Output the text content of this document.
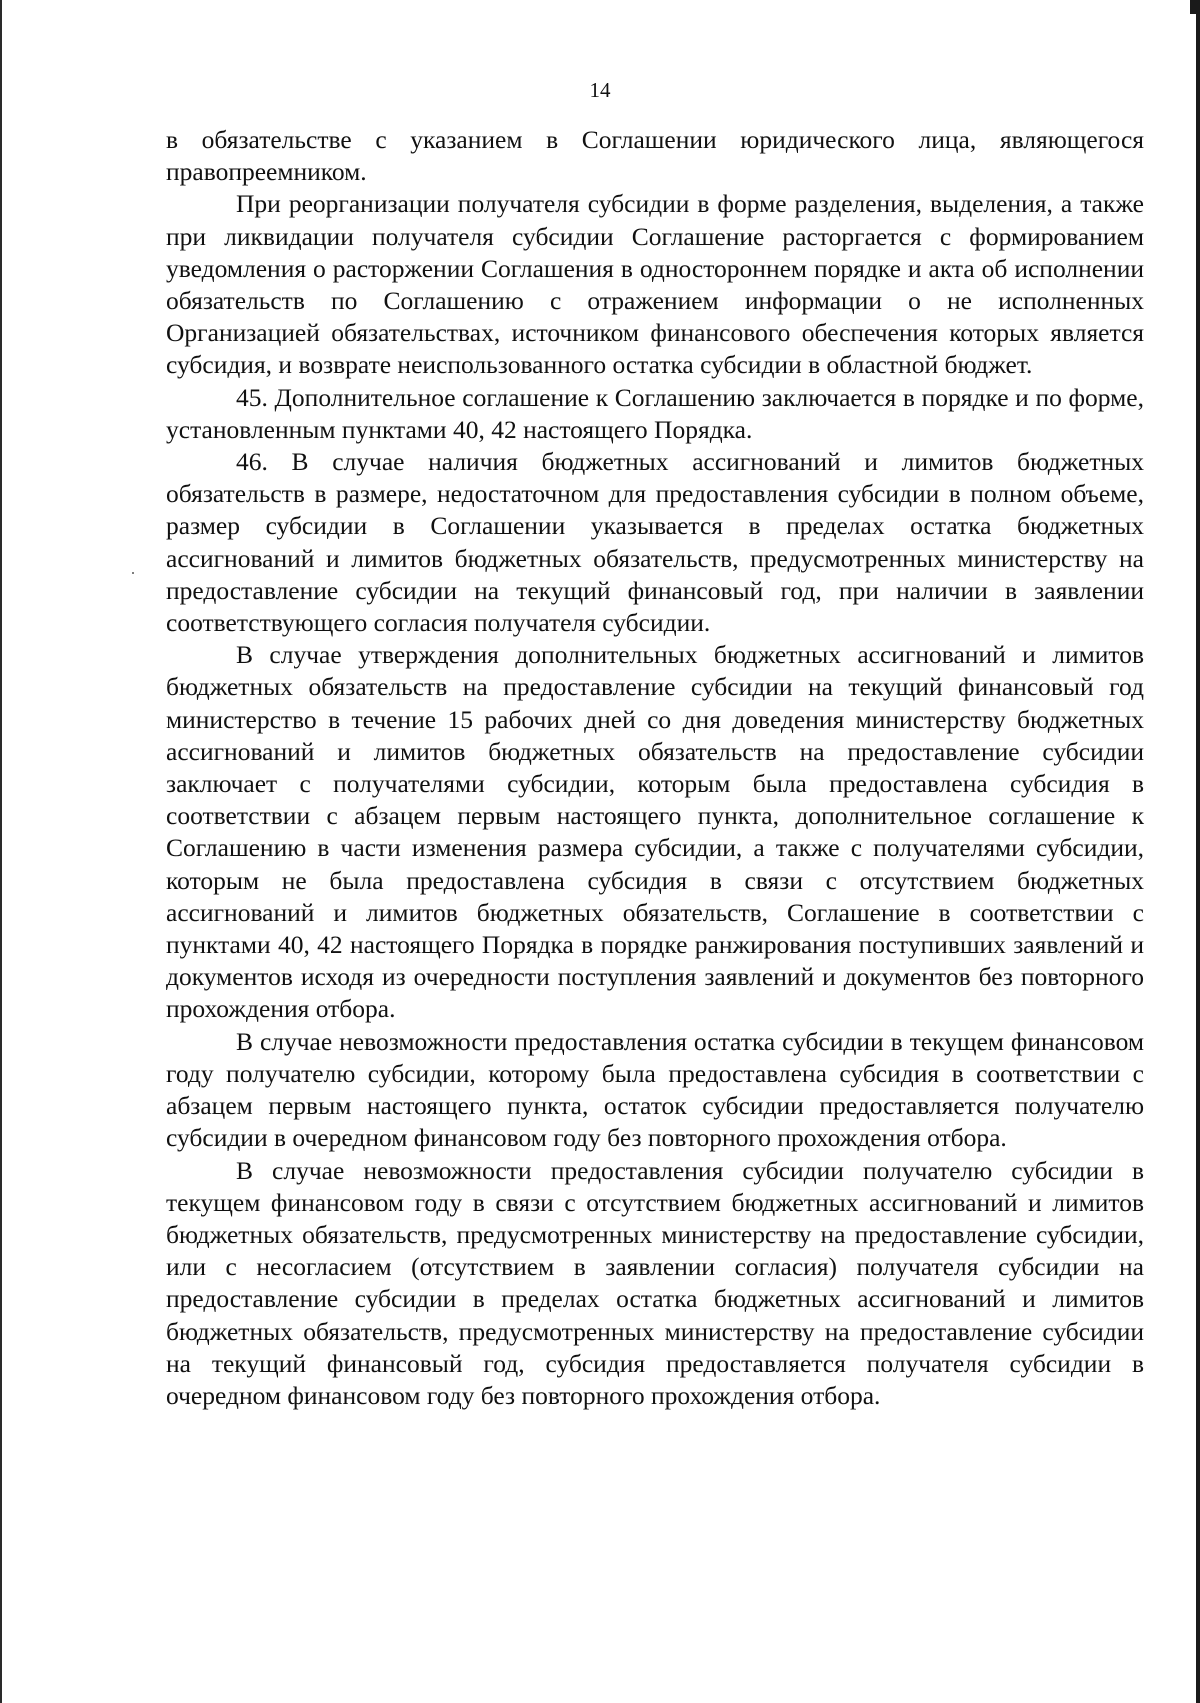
14

в обязательстве с указанием в Соглашении юридического лица, являющегося правопреемником.

При реорганизации получателя субсидии в форме разделения, выделения, а также при ликвидации получателя субсидии Соглашение расторгается с формированием уведомления о расторжении Соглашения в одностороннем порядке и акта об исполнении обязательств по Соглашению с отражением информации о не исполненных Организацией обязательствах, источником финансового обеспечения которых является субсидия, и возврате неиспользованного остатка субсидии в областной бюджет.

45. Дополнительное соглашение к Соглашению заключается в порядке и по форме, установленным пунктами 40, 42 настоящего Порядка.

46. В случае наличия бюджетных ассигнований и лимитов бюджетных обязательств в размере, недостаточном для предоставления субсидии в полном объеме, размер субсидии в Соглашении указывается в пределах остатка бюджетных ассигнований и лимитов бюджетных обязательств, предусмотренных министерству на предоставление субсидии на текущий финансовый год, при наличии в заявлении соответствующего согласия получателя субсидии.

В случае утверждения дополнительных бюджетных ассигнований и лимитов бюджетных обязательств на предоставление субсидии на текущий финансовый год министерство в течение 15 рабочих дней со дня доведения министерству бюджетных ассигнований и лимитов бюджетных обязательств на предоставление субсидии заключает с получателями субсидии, которым была предоставлена субсидия в соответствии с абзацем первым настоящего пункта, дополнительное соглашение к Соглашению в части изменения размера субсидии, а также с получателями субсидии, которым не была предоставлена субсидия в связи с отсутствием бюджетных ассигнований и лимитов бюджетных обязательств, Соглашение в соответствии с пунктами 40, 42 настоящего Порядка в порядке ранжирования поступивших заявлений и документов исходя из очередности поступления заявлений и документов без повторного прохождения отбора.

В случае невозможности предоставления остатка субсидии в текущем финансовом году получателю субсидии, которому была предоставлена субсидия в соответствии с абзацем первым настоящего пункта, остаток субсидии предоставляется получателю субсидии в очередном финансовом году без повторного прохождения отбора.

В случае невозможности предоставления субсидии получателю субсидии в текущем финансовом году в связи с отсутствием бюджетных ассигнований и лимитов бюджетных обязательств, предусмотренных министерству на предоставление субсидии, или с несогласием (отсутствием в заявлении согласия) получателя субсидии на предоставление субсидии в пределах остатка бюджетных ассигнований и лимитов бюджетных обязательств, предусмотренных министерству на предоставление субсидии на текущий финансовый год, субсидия предоставляется получателя субсидии в очередном финансовом году без повторного прохождения отбора.
